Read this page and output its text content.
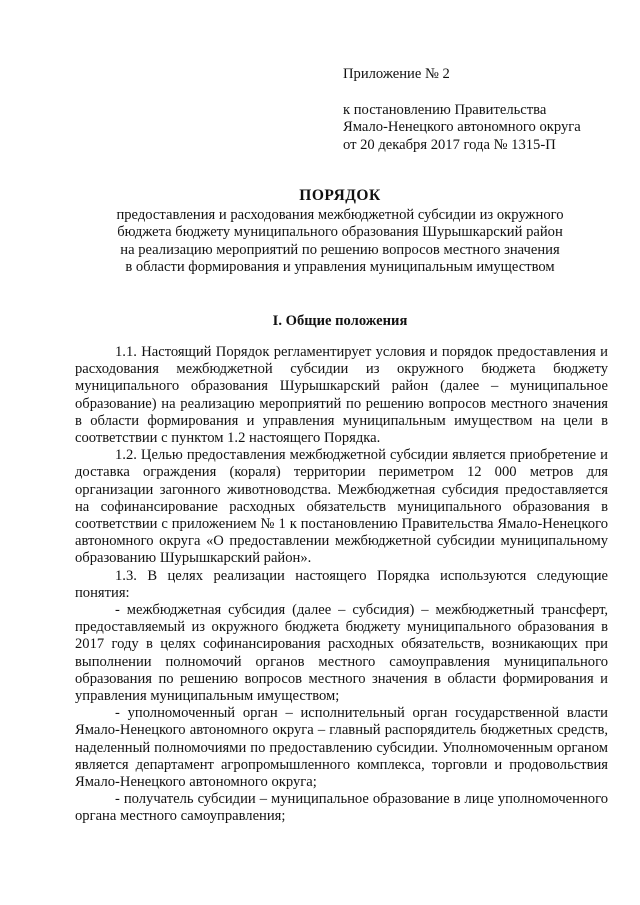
Приложение № 2
к постановлению Правительства
Ямало-Ненецкого автономного округа
от 20 декабря 2017 года № 1315-П
ПОРЯДОК
предоставления и расходования межбюджетной субсидии из окружного
бюджета бюджету муниципального образования Шурышкарский район
на реализацию мероприятий по решению вопросов местного значения
в области формирования и управления муниципальным имуществом
I. Общие положения

1.1. Настоящий Порядок регламентирует условия и порядок предоставления и расходования межбюджетной субсидии из окружного бюджета бюджету муниципального образования Шурышкарский район (далее – муниципальное образование) на реализацию мероприятий по решению вопросов местного значения в области формирования и управления муниципальным имуществом на цели в соответствии с пунктом 1.2 настоящего Порядка.

1.2. Целью предоставления межбюджетной субсидии является приобретение и доставка ограждения (кораля) территории периметром 12 000 метров для организации загонного животноводства. Межбюджетная субсидия предоставляется на софинансирование расходных обязательств муниципального образования в соответствии с приложением № 1 к постановлению Правительства Ямало-Ненецкого автономного округа «О предоставлении межбюджетной субсидии муниципальному образованию Шурышкарский район».

1.3. В целях реализации настоящего Порядка используются следующие понятия:

- межбюджетная субсидия (далее – субсидия) – межбюджетный трансферт, предоставляемый из окружного бюджета бюджету муниципального образования в 2017 году в целях софинансирования расходных обязательств, возникающих при выполнении полномочий органов местного самоуправления муниципального образования по решению вопросов местного значения в области формирования и управления муниципальным имуществом;

- уполномоченный орган – исполнительный орган государственной власти Ямало-Ненецкого автономного округа – главный распорядитель бюджетных средств, наделенный полномочиями по предоставлению субсидии. Уполномоченным органом является департамент агропромышленного комплекса, торговли и продовольствия Ямало-Ненецкого автономного округа;

- получатель субсидии – муниципальное образование в лице уполномоченного органа местного самоуправления;
